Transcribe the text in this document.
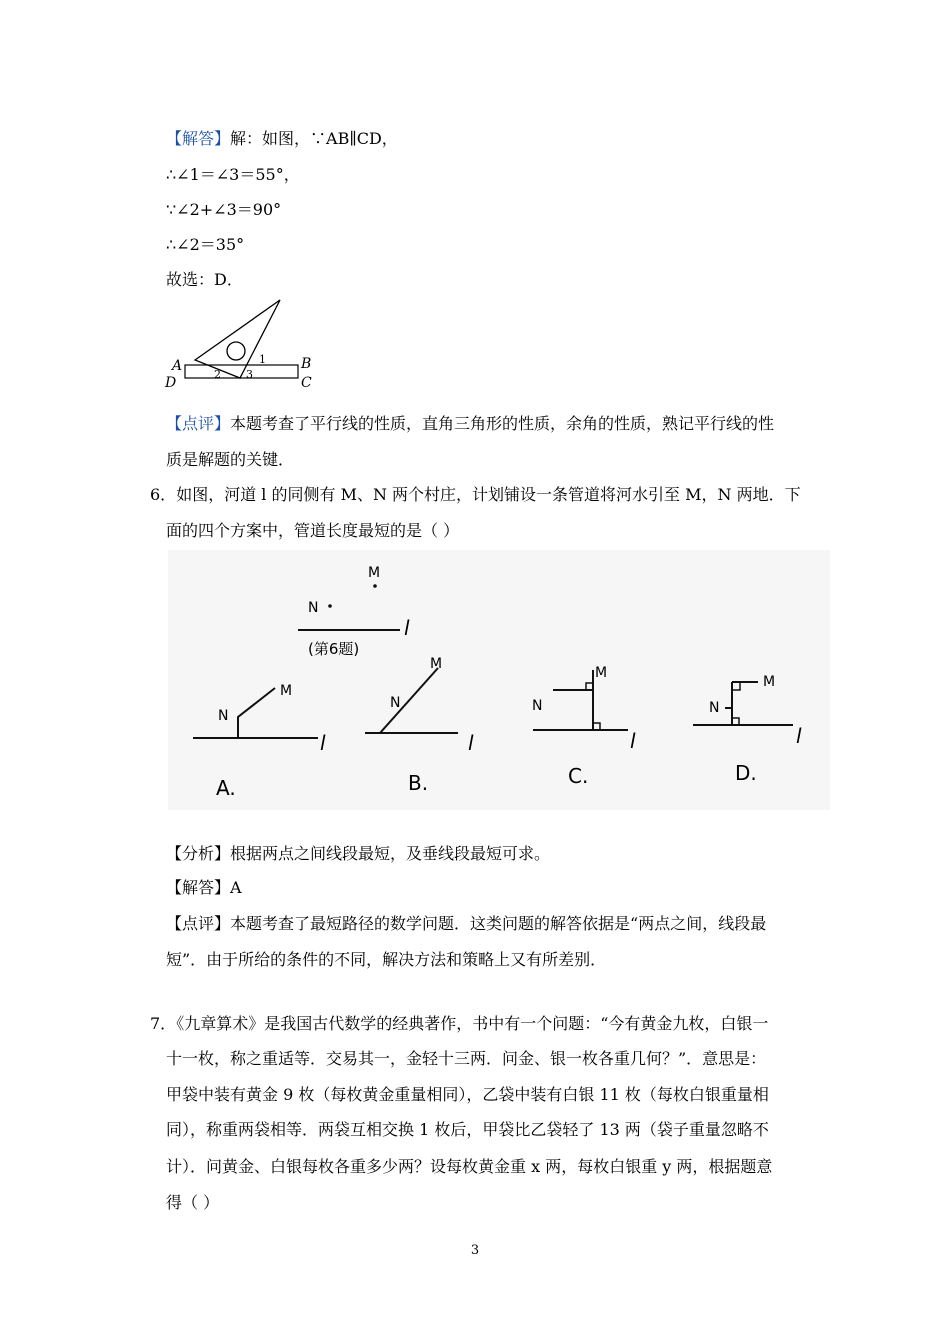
【解答】解：如图，∵AB∥CD，
∴∠1＝∠3＝55°，
∵∠2+∠3＝90°
∴∠2＝35°
故选：D．
A	B
D	C
1
2 3
【点评】本题考查了平行线的性质，直角三角形的性质，余角的性质，熟记平行线的性
质是解题的关键．
6．如图，河道 l 的同侧有 M、N 两个村庄，计划铺设一条管道将河水引至 M，N 两地．下
面的四个方案中，管道长度最短的是（ ）
M
N
l
(第6题)
N
M
l
N
M
l
N
M
l
N
M
l
A.	B.	C.	D.
【分析】根据两点之间线段最短，及垂线段最短可求。
【解答】A
【点评】本题考查了最短路径的数学问题．这类问题的解答依据是“两点之间，线段最
短”．由于所给的条件的不同，解决方法和策略上又有所差别．
7．《九章算术》是我国古代数学的经典著作，书中有一个问题：“今有黄金九枚，白银一
十一枚，称之重适等．交易其一，金轻十三两．问金、银一枚各重几何？”．意思是：
甲袋中装有黄金 9 枚（每枚黄金重量相同），乙袋中装有白银 11 枚（每枚白银重量相
同），称重两袋相等．两袋互相交换 1 枚后，甲袋比乙袋轻了 13 两（袋子重量忽略不
计）．问黄金、白银每枚各重多少两？设每枚黄金重 x 两，每枚白银重 y 两，根据题意
得（ ）
3
